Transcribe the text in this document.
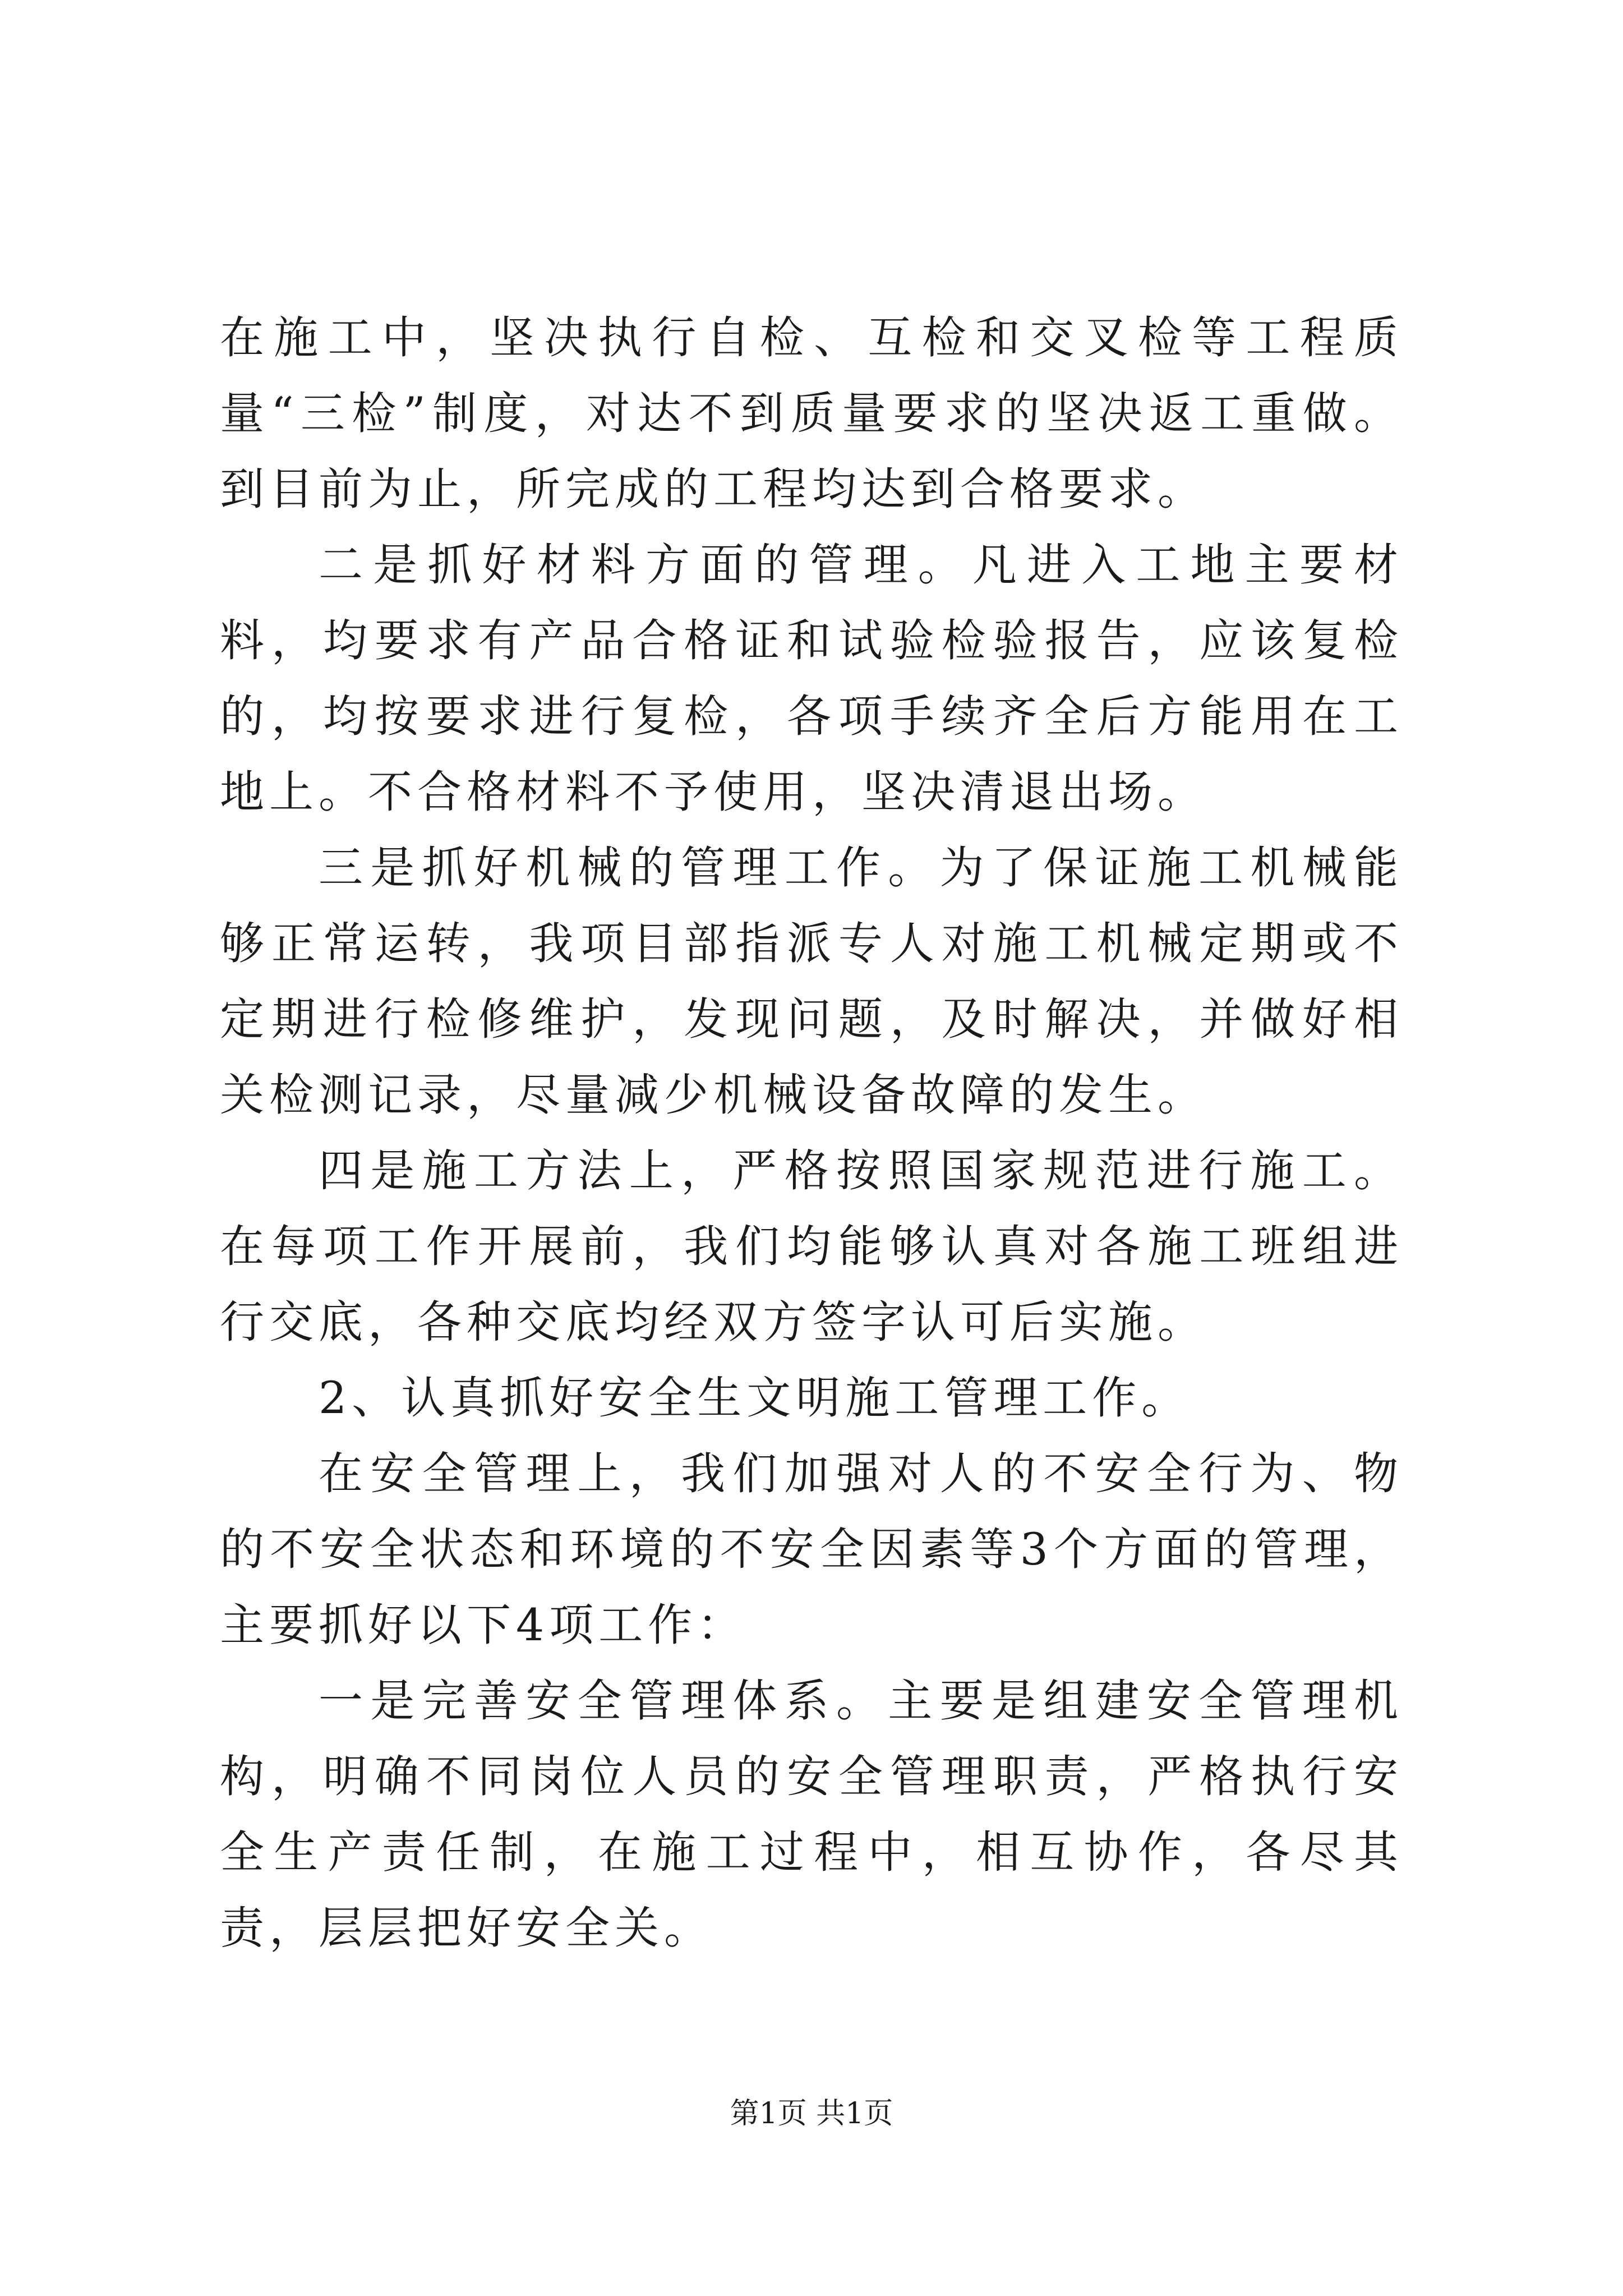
在施工中，坚决执行自检、互检和交叉检等工程质量“三检”制度，对达不到质量要求的坚决返工重做。到目前为止，所完成的工程均达到合格要求。

二是抓好材料方面的管理。凡进入工地主要材料，均要求有产品合格证和试验检验报告，应该复检的，均按要求进行复检，各项手续齐全后方能用在工地上。不合格材料不予使用，坚决清退出场。

三是抓好机械的管理工作。为了保证施工机械能够正常运转，我项目部指派专人对施工机械定期或不定期进行检修维护，发现问题，及时解决，并做好相关检测记录，尽量减少机械设备故障的发生。

四是施工方法上，严格按照国家规范进行施工。在每项工作开展前，我们均能够认真对各施工班组进行交底，各种交底均经双方签字认可后实施。

2、认真抓好安全生文明施工管理工作。

在安全管理上，我们加强对人的不安全行为、物的不安全状态和环境的不安全因素等3个方面的管理，主要抓好以下4项工作：

一是完善安全管理体系。主要是组建安全管理机构，明确不同岗位人员的安全管理职责，严格执行安全生产责任制，在施工过程中，相互协作，各尽其责，层层把好安全关。

第1页 共1页
